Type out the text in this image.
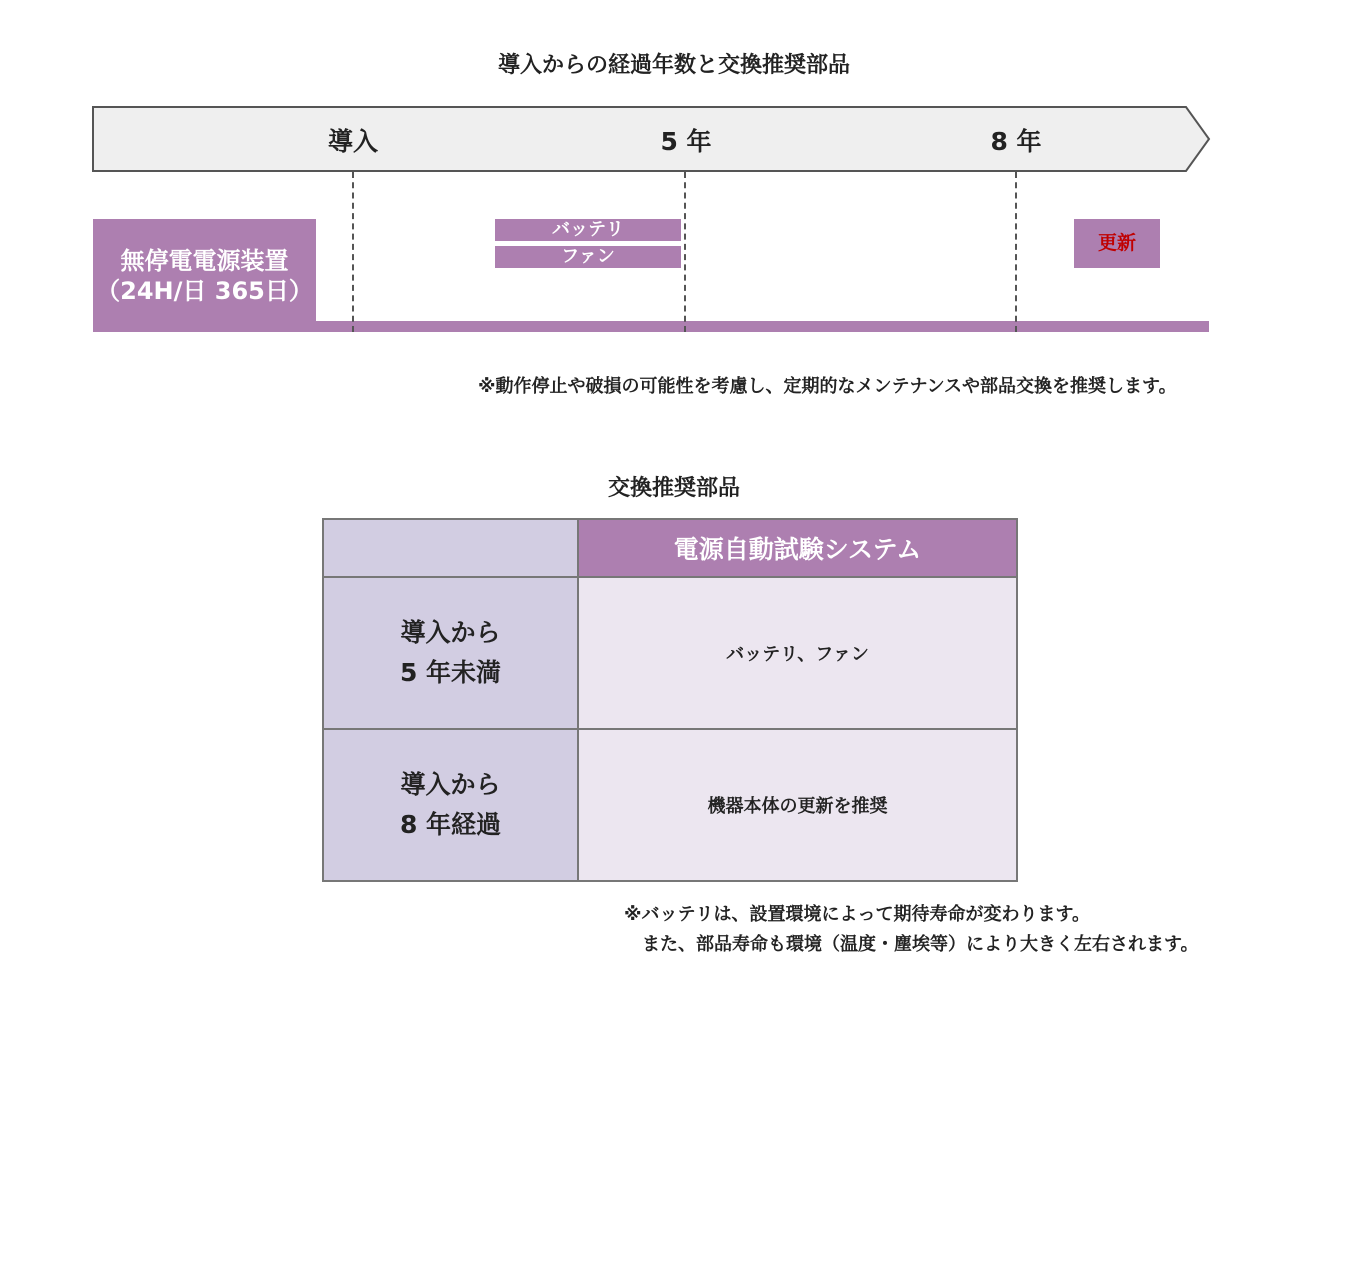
導入からの経過年数と交換推奨部品
導入	5 年	8 年
無停電電源装置
（24H/日 365日）
バッテリ
ファン
更新
※動作停止や破損の可能性を考慮し、定期的なメンテナンスや部品交換を推奨します。
交換推奨部品
	電源自動試験システム

導入から
5 年未満	バッテリ、ファン

導入から
8 年経過	機器本体の更新を推奨
※バッテリは、設置環境によって期待寿命が変わります。
　また、部品寿命も環境（温度・塵埃等）により大きく左右されます。
